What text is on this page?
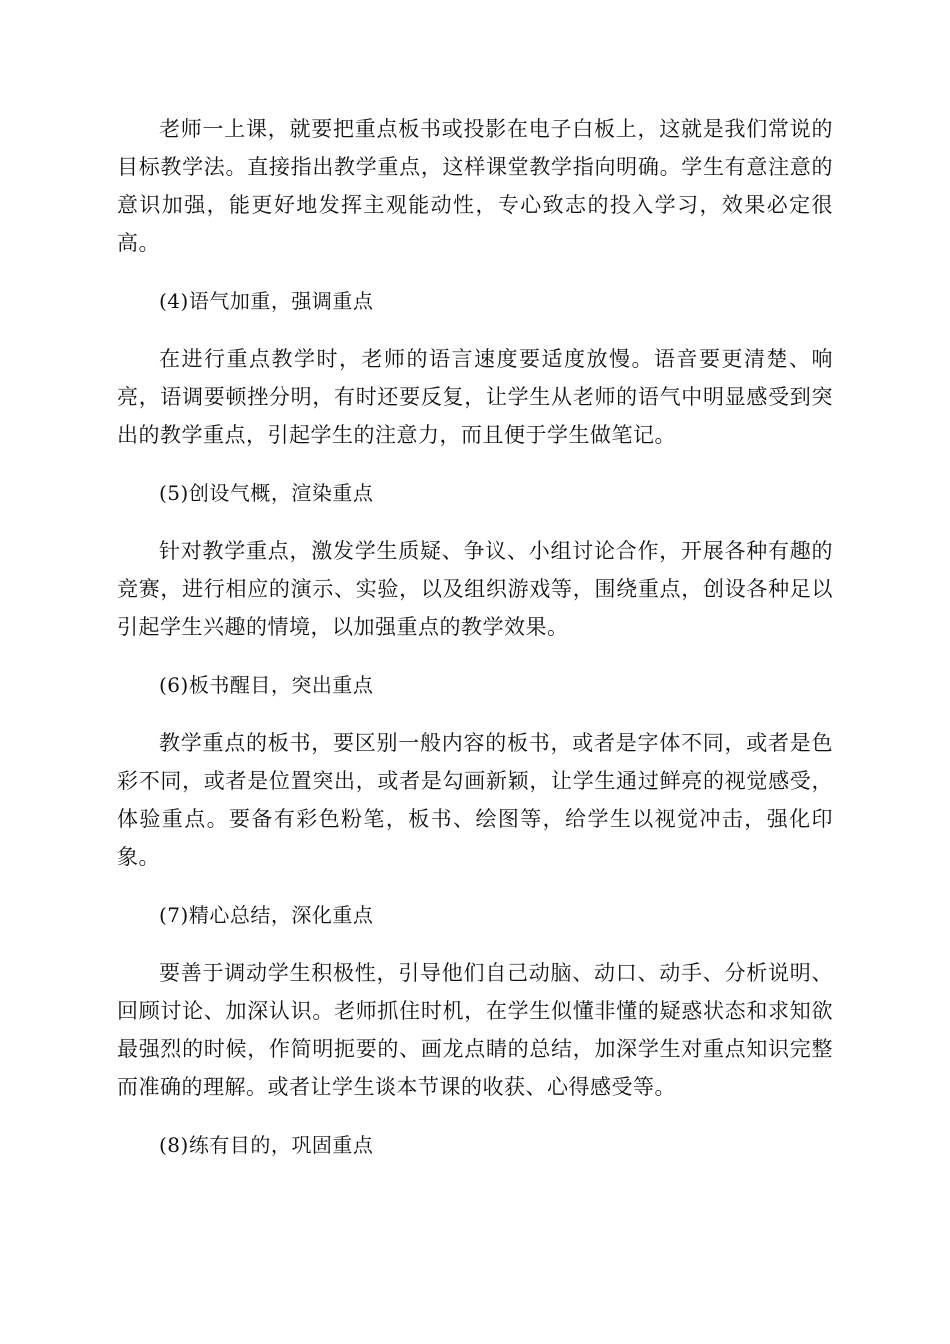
老师一上课，就要把重点板书或投影在电子白板上，这就是我们常说的目标教学法。直接指出教学重点，这样课堂教学指向明确。学生有意注意的意识加强，能更好地发挥主观能动性，专心致志的投入学习，效果必定很高。

(4)语气加重，强调重点

在进行重点教学时，老师的语言速度要适度放慢。语音要更清楚、响亮，语调要顿挫分明，有时还要反复，让学生从老师的语气中明显感受到突出的教学重点，引起学生的注意力，而且便于学生做笔记。

(5)创设气概，渲染重点

针对教学重点，激发学生质疑、争议、小组讨论合作，开展各种有趣的竞赛，进行相应的演示、实验，以及组织游戏等，围绕重点，创设各种足以引起学生兴趣的情境，以加强重点的教学效果。

(6)板书醒目，突出重点

教学重点的板书，要区别一般内容的板书，或者是字体不同，或者是色彩不同，或者是位置突出，或者是勾画新颖，让学生通过鲜亮的视觉感受，体验重点。要备有彩色粉笔，板书、绘图等，给学生以视觉冲击，强化印象。

(7)精心总结，深化重点

要善于调动学生积极性，引导他们自己动脑、动口、动手、分析说明、回顾讨论、加深认识。老师抓住时机，在学生似懂非懂的疑惑状态和求知欲最强烈的时候，作简明扼要的、画龙点睛的总结，加深学生对重点知识完整而准确的理解。或者让学生谈本节课的收获、心得感受等。

(8)练有目的，巩固重点
